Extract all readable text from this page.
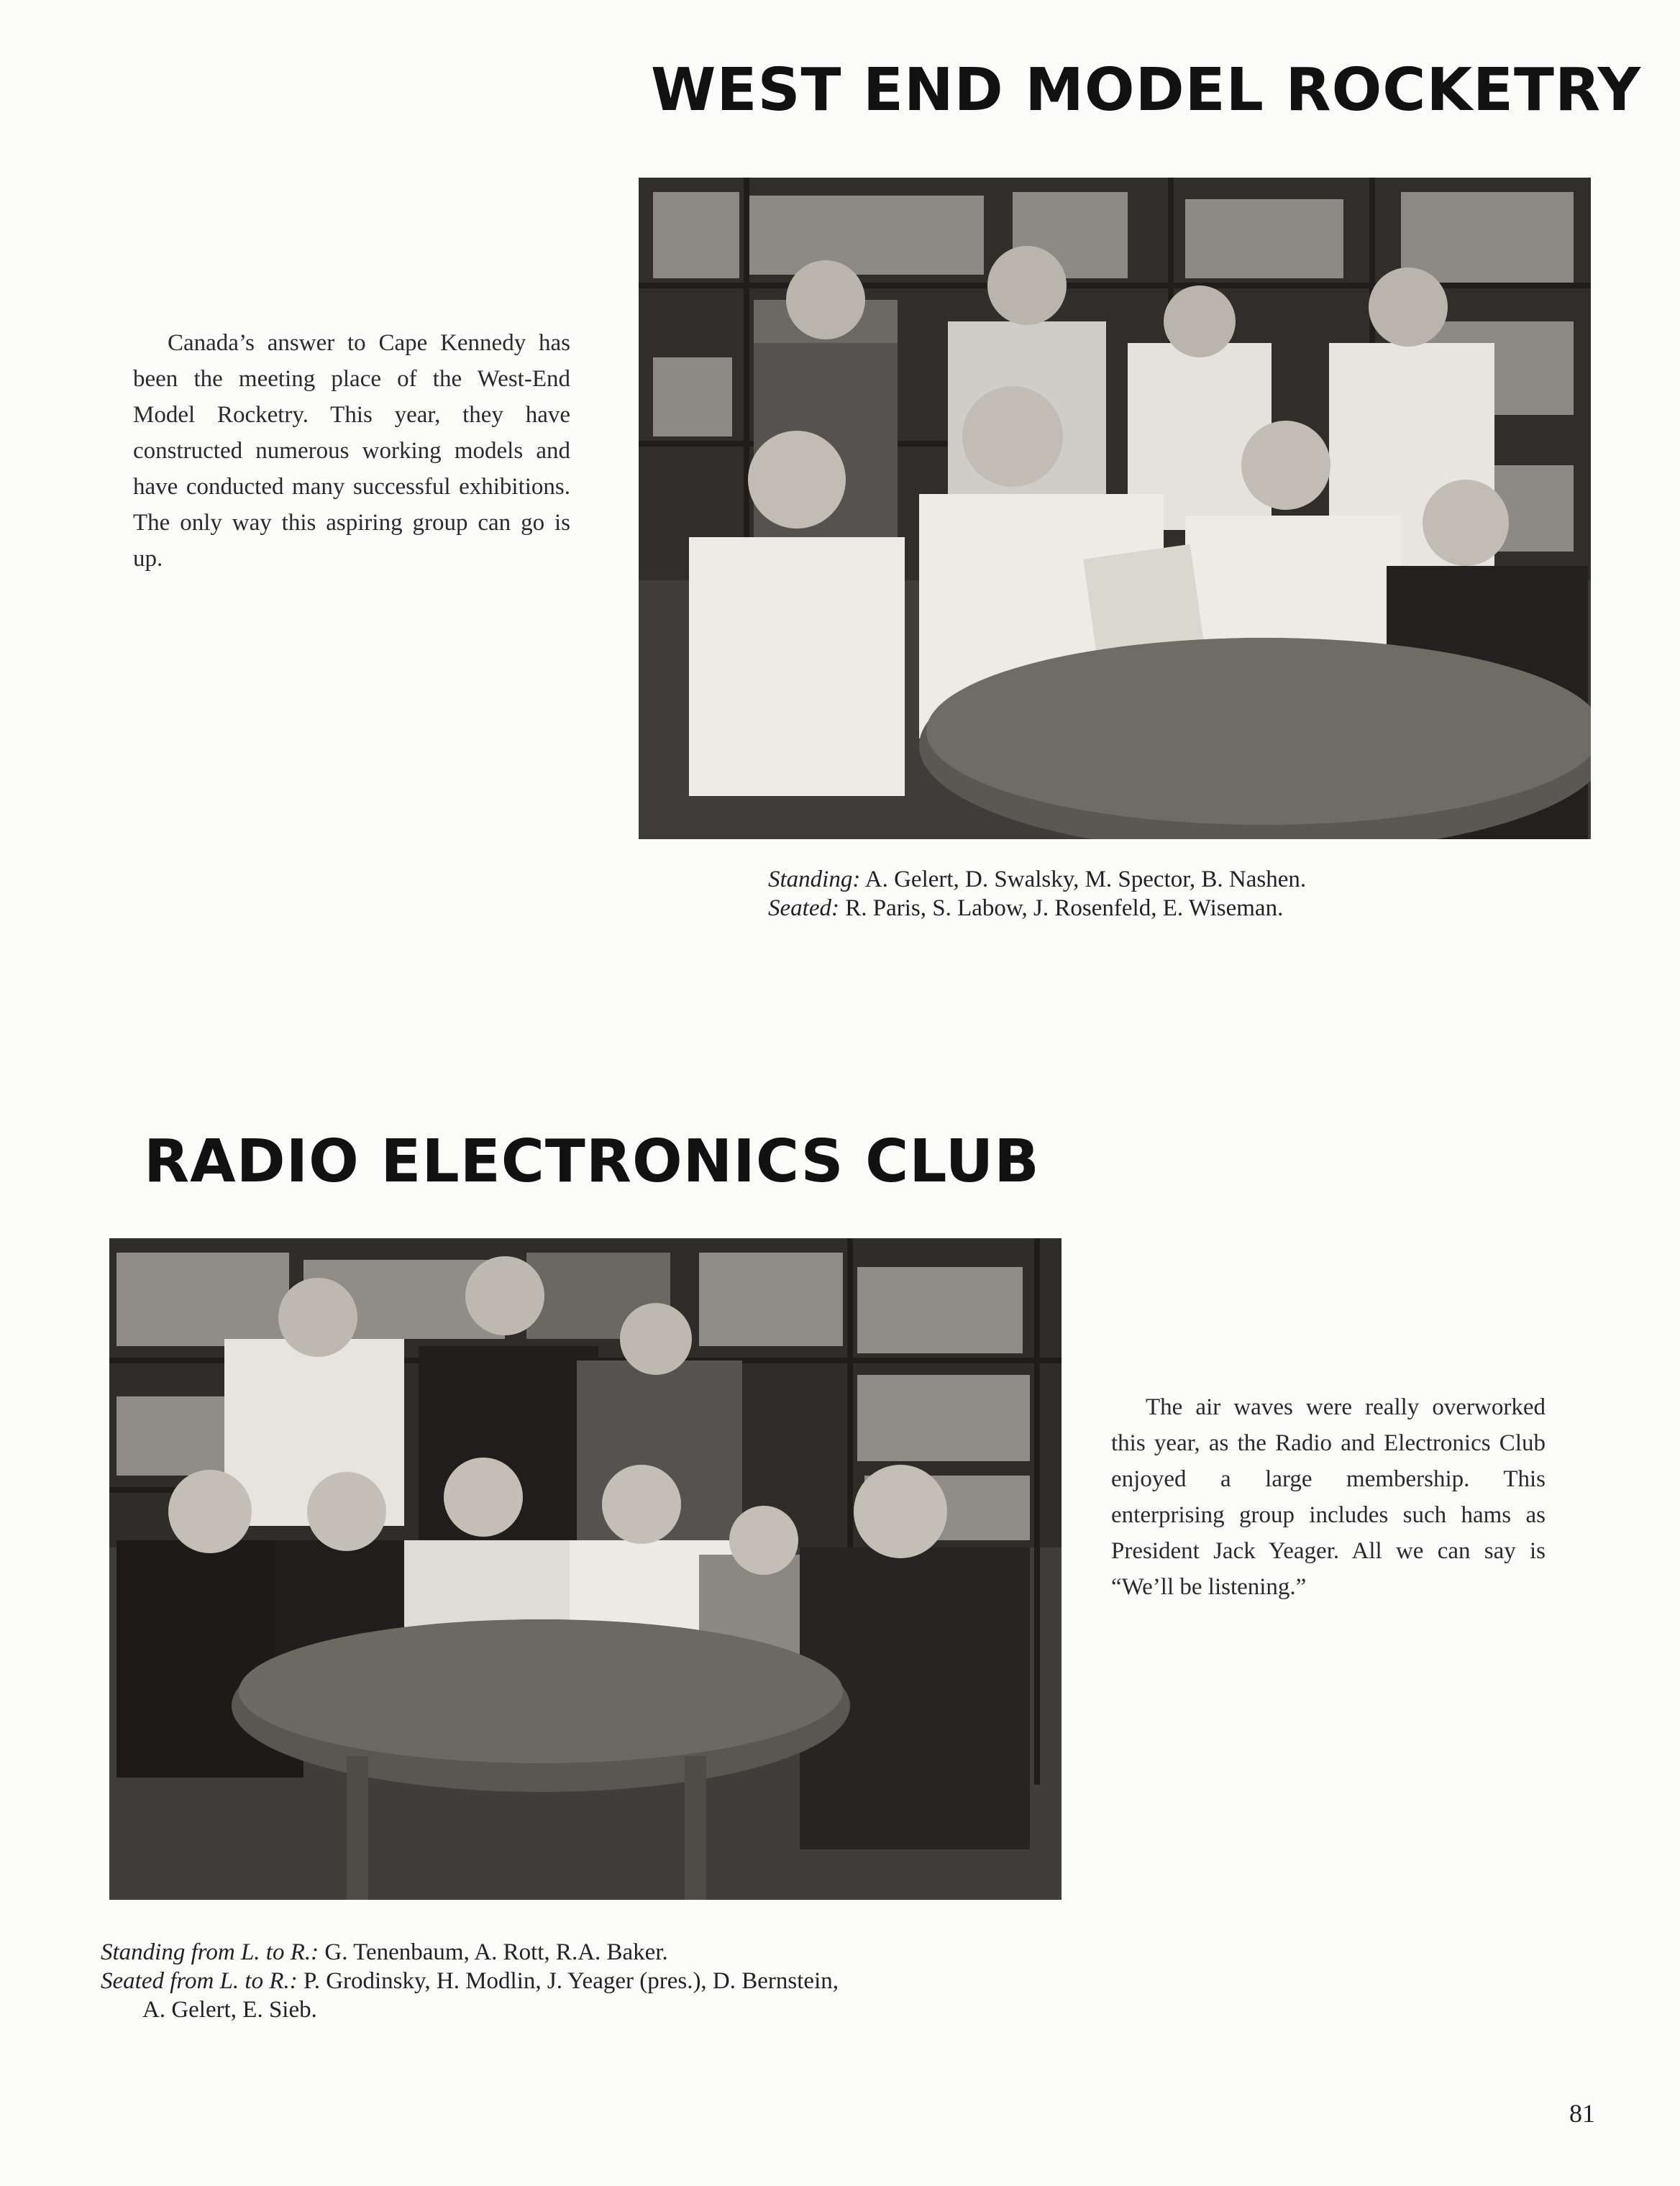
WEST END MODEL ROCKETRY

Canada’s answer to Cape Kennedy has been the meeting place of the West-End Model Rocketry. This year, they have constructed numerous working models and have conducted many successful exhibitions. The only way this aspiring group can go is up.

Standing: A. Gelert, D. Swalsky, M. Spector, B. Nashen.
Seated: R. Paris, S. Labow, J. Rosenfeld, E. Wiseman.

RADIO ELECTRONICS CLUB

The air waves were really overworked this year, as the Radio and Electronics Club enjoyed a large membership. This enterprising group includes such hams as President Jack Yeager. All we can say is “We’ll be listening.”

Standing from L. to R.: G. Tenenbaum, A. Rott, R.A. Baker.
Seated from L. to R.: P. Grodinsky, H. Modlin, J. Yeager (pres.), D. Bernstein,
A. Gelert, E. Sieb.

81
